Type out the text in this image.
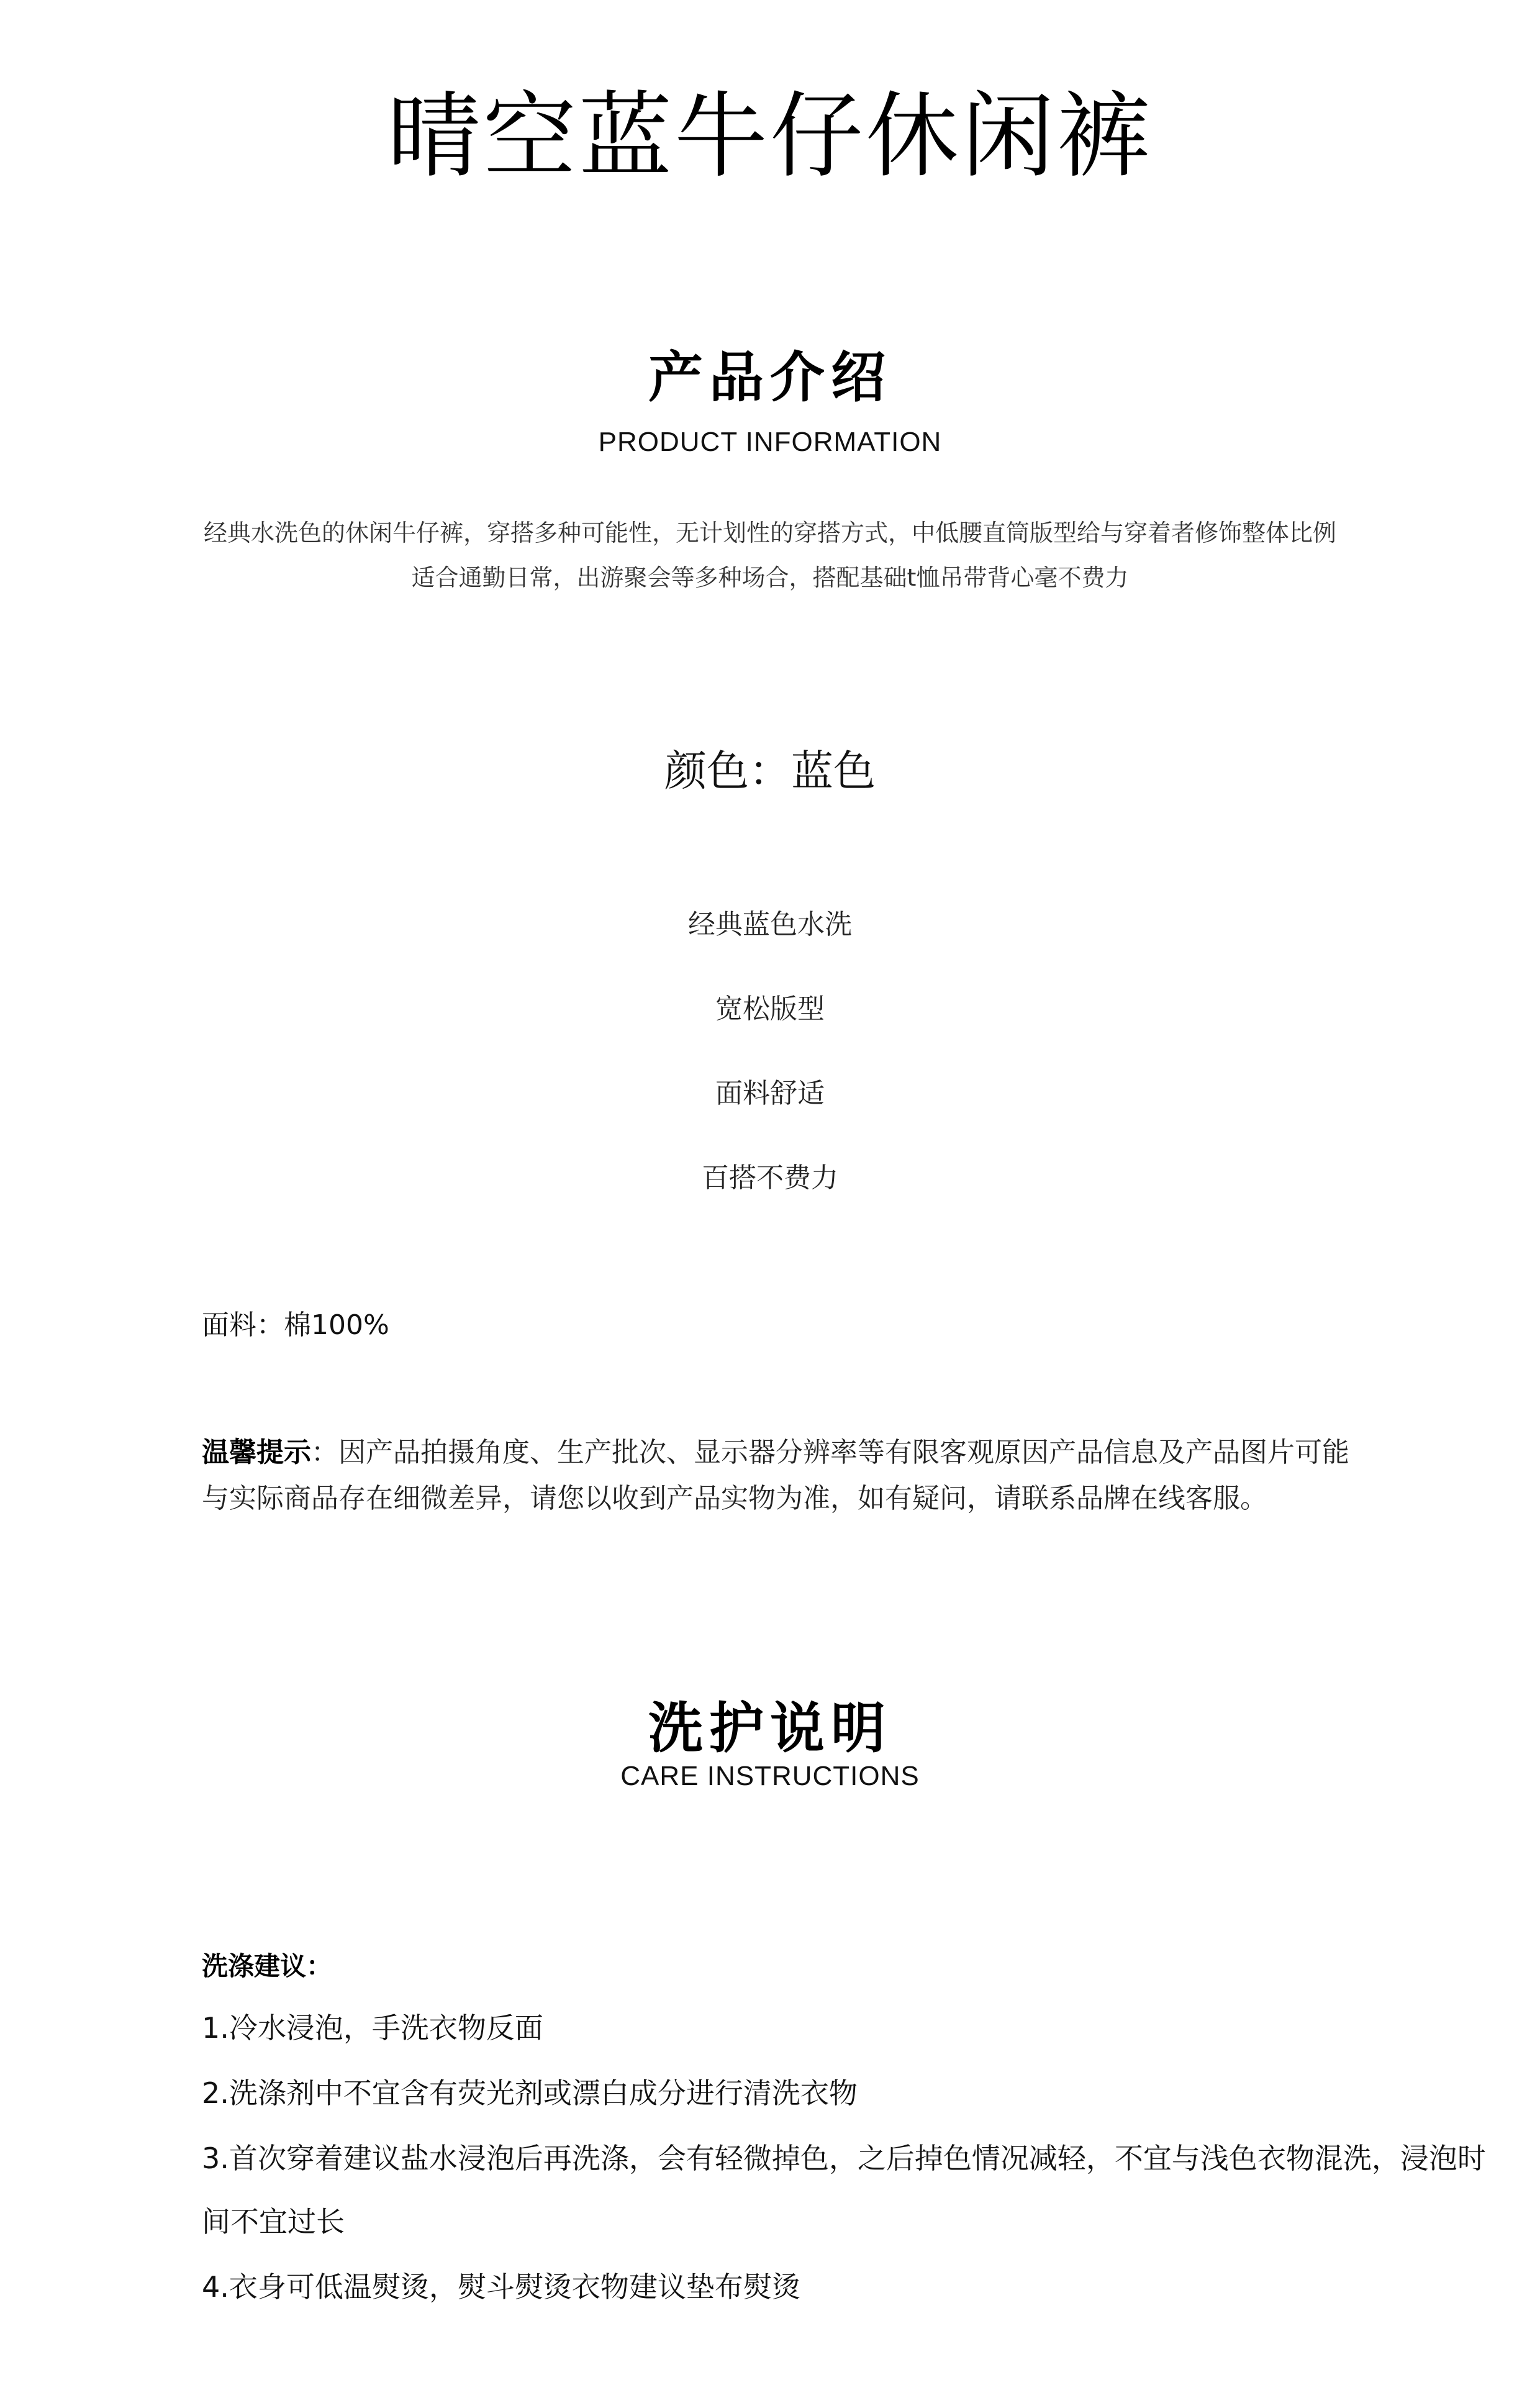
晴空蓝牛仔休闲裤
产品介绍
PRODUCT INFORMATION
经典水洗色的休闲牛仔裤，穿搭多种可能性，无计划性的穿搭方式，中低腰直筒版型给与穿着者修饰整体比例
适合通勤日常，出游聚会等多种场合，搭配基础t恤吊带背心毫不费力
颜色：蓝色
经典蓝色水洗
宽松版型
面料舒适
百搭不费力
面料：棉100%
温馨提示：因产品拍摄角度、生产批次、显示器分辨率等有限客观原因产品信息及产品图片可能与实际商品存在细微差异，请您以收到产品实物为准，如有疑问，请联系品牌在线客服。
洗护说明
CARE INSTRUCTIONS
洗涤建议：
1.冷水浸泡，手洗衣物反面
2.洗涤剂中不宜含有荧光剂或漂白成分进行清洗衣物
3.首次穿着建议盐水浸泡后再洗涤，会有轻微掉色，之后掉色情况减轻，不宜与浅色衣物混洗，浸泡时间不宜过长
4.衣身可低温熨烫，熨斗熨烫衣物建议垫布熨烫
